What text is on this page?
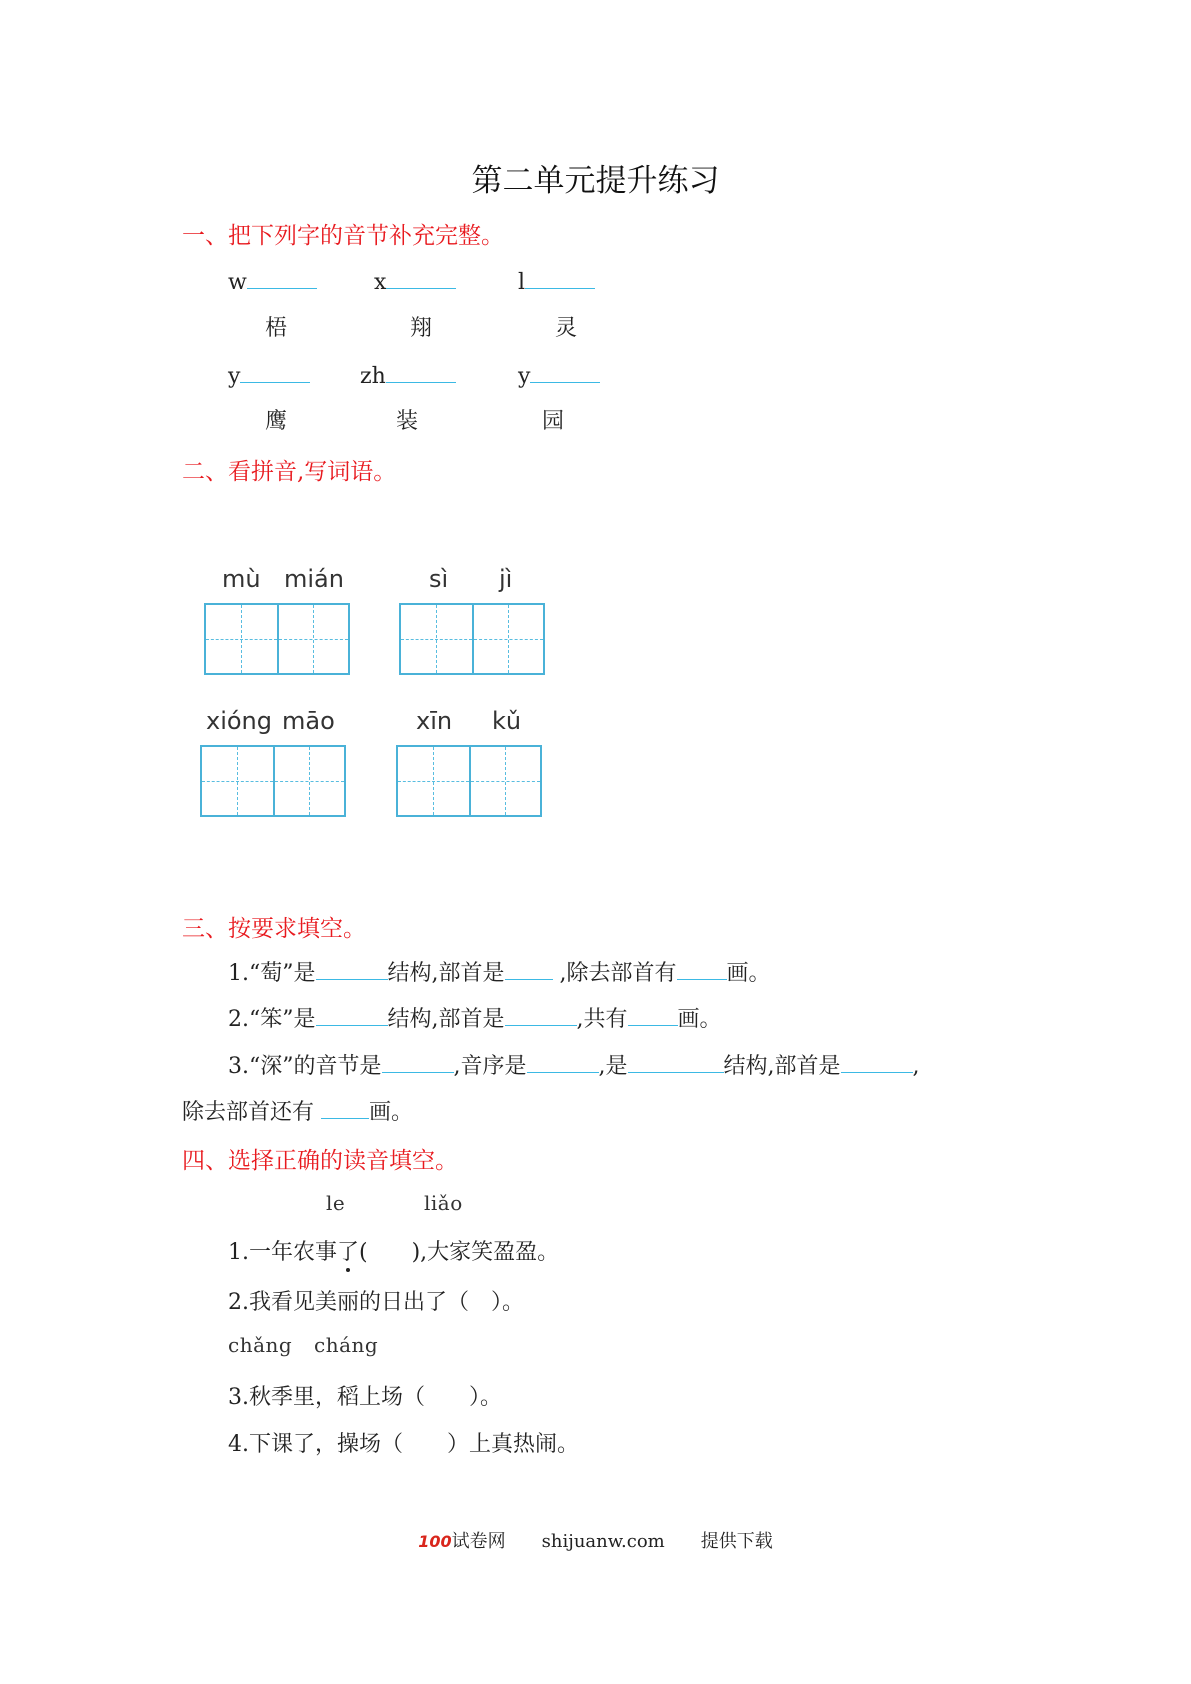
第二单元提升练习
一、把下列字的音节补充完整。
w	x	l
梧	翔	灵
y	zh	y
鹰	装	园
二、看拼音,写词语。
mù mián	sì jì
xióng māo	xīn kǔ
三、按要求填空。
1.“萄”是	结构,部首是 ,除去部首有 画。
2.“笨”是	结构,部首是	,共有 画。
3.“深”的音节是	,音序是	,是	结构,部首是	,
除去部首还有 画。
四、选择正确的读音填空。
le	liǎo
1.一年农事了(　　),大家笑盈盈。
2.我看见美丽的日出了（　）。
chǎng cháng
3.秋季里，稻上场（　　）。
4.下课了，操场（　　）上真热闹。
100试卷网 shijuanw.com 提供下载
